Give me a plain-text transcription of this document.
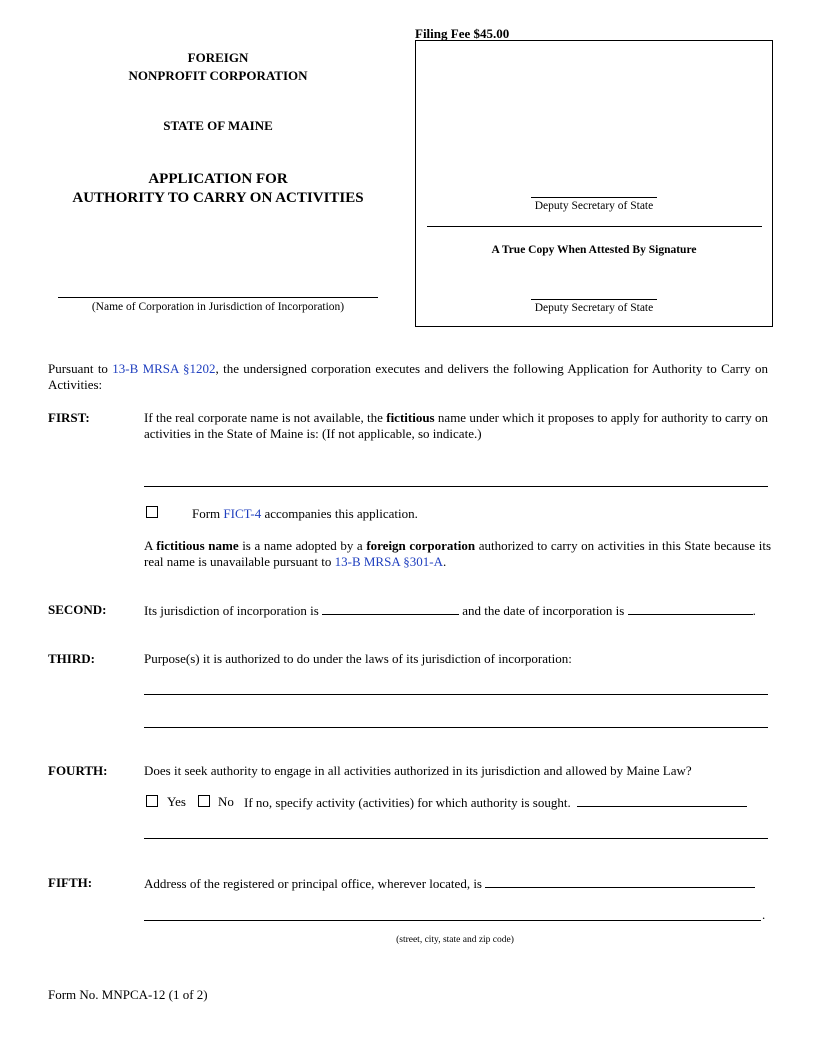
FOREIGN
NONPROFIT CORPORATION
STATE OF MAINE
APPLICATION FOR
AUTHORITY TO CARRY ON ACTIVITIES
(Name of Corporation in Jurisdiction of Incorporation)
Filing Fee $45.00
Deputy Secretary of State
A True Copy When Attested By Signature
Deputy Secretary of State
Pursuant to 13-B MRSA §1202, the undersigned corporation executes and delivers the following Application for Authority to Carry on Activities:
FIRST:	If the real corporate name is not available, the fictitious name under which it proposes to apply for authority to carry on activities in the State of Maine is: (If not applicable, so indicate.)
Form FICT-4 accompanies this application.
A fictitious name is a name adopted by a foreign corporation authorized to carry on activities in this State because its real name is unavailable pursuant to 13-B MRSA §301-A.
SECOND:	Its jurisdiction of incorporation is	and the date of incorporation is	.
THIRD:	Purpose(s) it is authorized to do under the laws of its jurisdiction of incorporation:
FOURTH:	Does it seek authority to engage in all activities authorized in its jurisdiction and allowed by Maine Law?
Yes No If no, specify activity (activities) for which authority is sought.
FIFTH:	Address of the registered or principal office, wherever located, is
.
(street, city, state and zip code)
Form No. MNPCA-12 (1 of 2)
